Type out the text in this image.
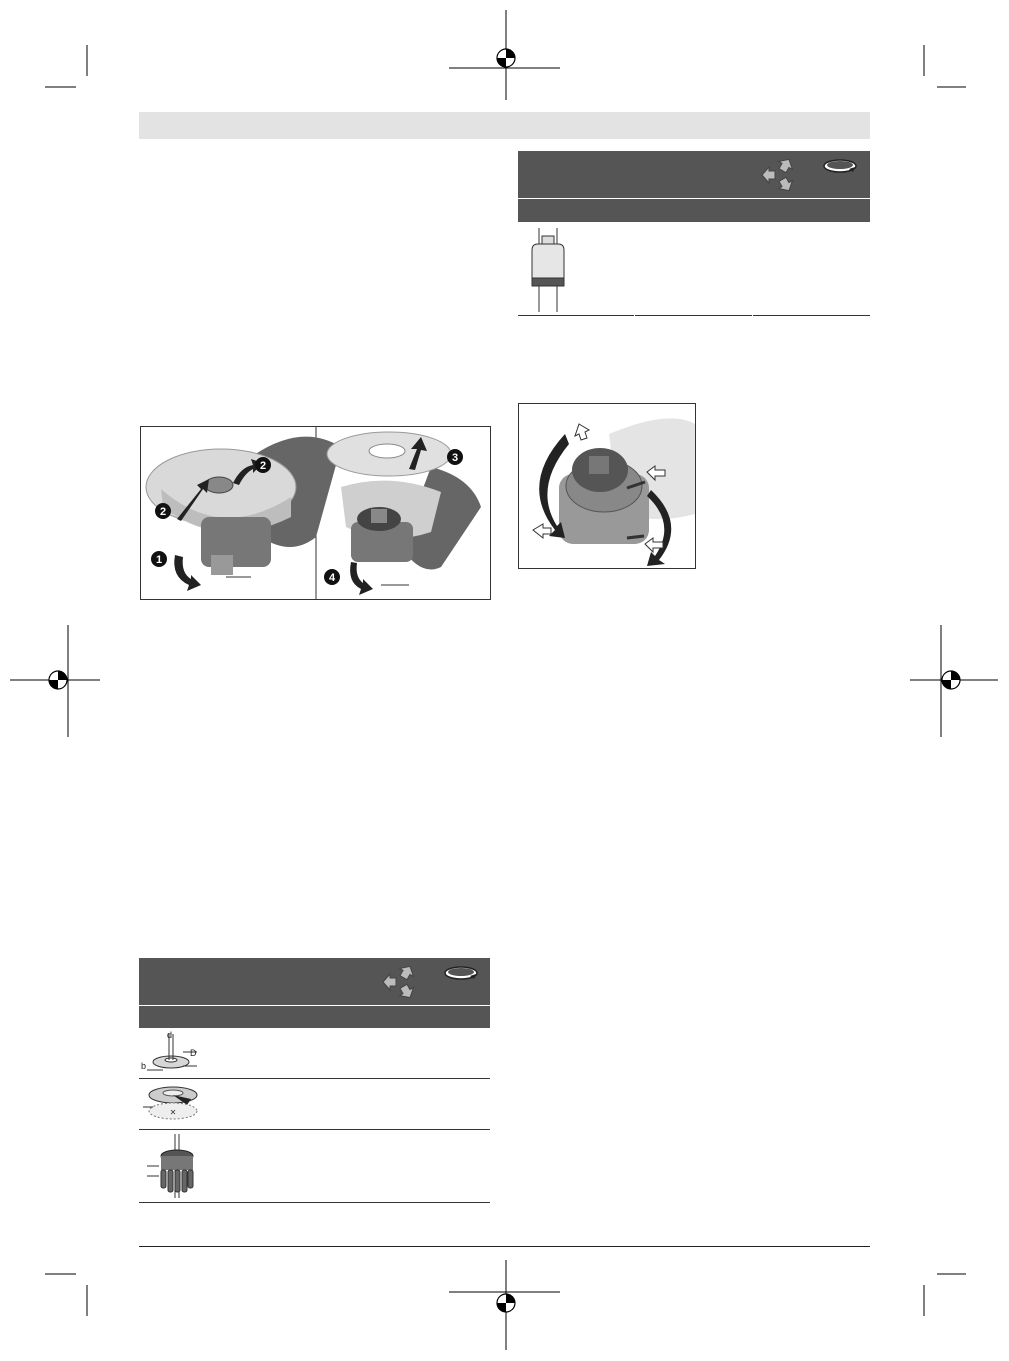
1
2
2
3
4
d
D
b
✕
